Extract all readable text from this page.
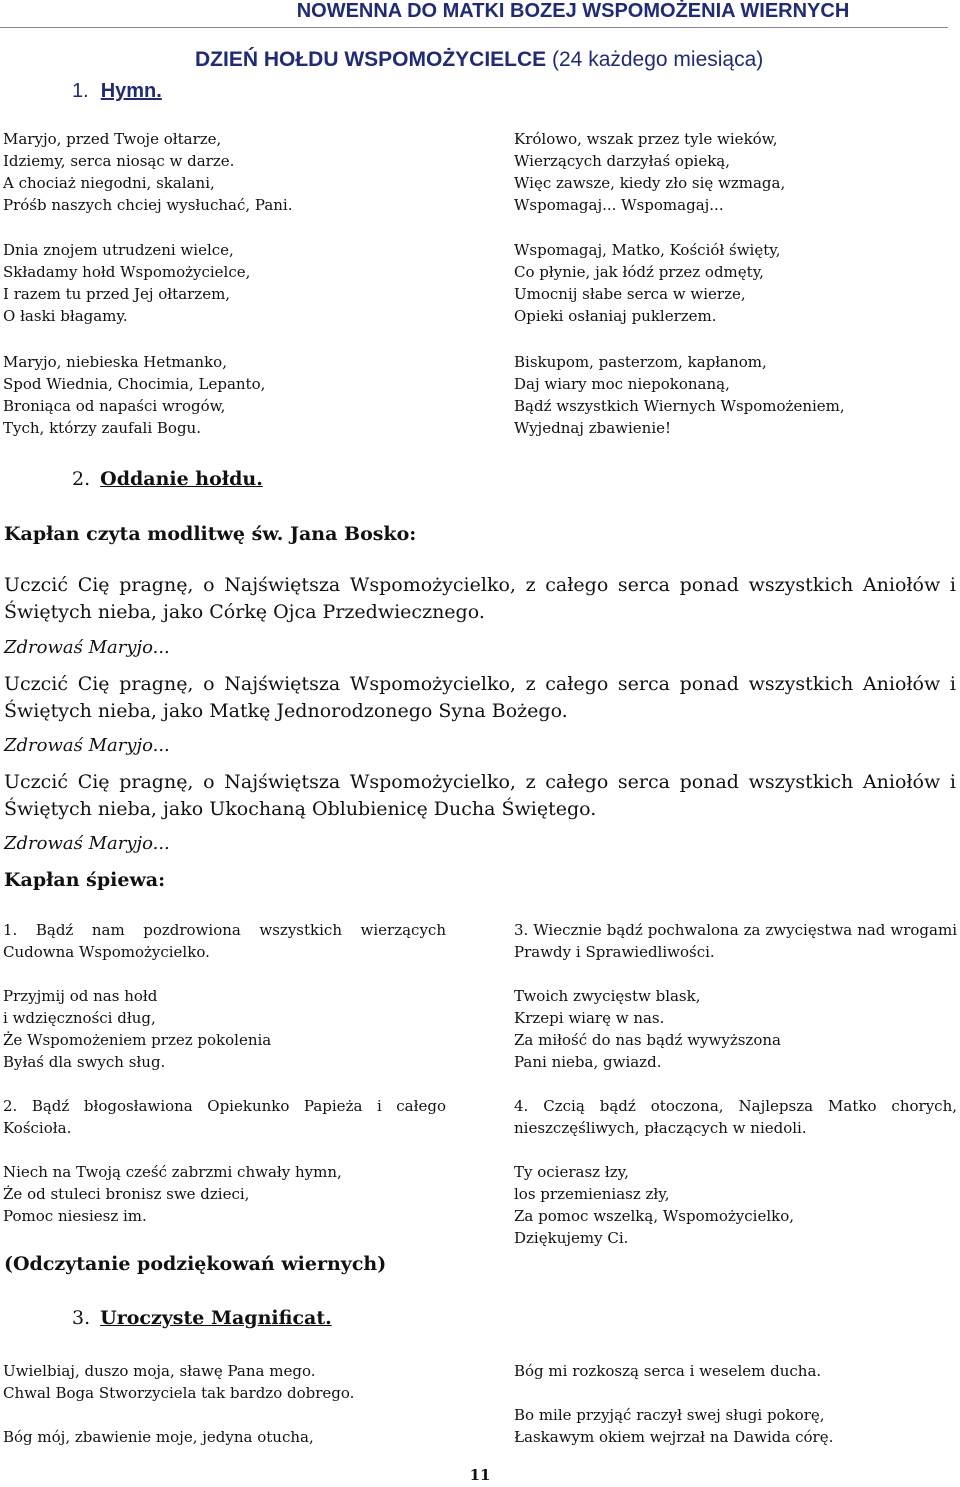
NOWENNA DO MATKI BOZEJ WSPOMOŻENIA WIERNYCH
DZIEŃ HOŁDU WSPOMOŻYCIELCE (24 każdego miesiąca)
1. Hymn.
Maryjo, przed Twoje ołtarze,
Idziemy, serca niosąc w darze.
A chociaż niegodni, skalani,
Próśb naszych chciej wysłuchać, Pani.
Dnia znojem utrudzeni wielce,
Składamy hołd Wspomożycielce,
I razem tu przed Jej ołtarzem,
O łaski błagamy.
Maryjo, niebieska Hetmanko,
Spod Wiednia, Chocimia, Lepanto,
Broniąca od napaści wrogów,
Tych, którzy zaufali Bogu.
Królowo, wszak przez tyle wieków,
Wierzących darzyłaś opieką,
Więc zawsze, kiedy zło się wzmaga,
Wspomagaj... Wspomagaj...
Wspomagaj, Matko, Kościół święty,
Co płynie, jak łódź przez odmęty,
Umocnij słabe serca w wierze,
Opieki osłaniaj puklerzem.
Biskupom, pasterzom, kapłanom,
Daj wiary moc niepokonaną,
Bądź wszystkich Wiernych Wspomożeniem,
Wyjednaj zbawienie!
2. Oddanie hołdu.
Kapłan czyta modlitwę św. Jana Bosko:
Uczcić Cię pragnę, o Najświętsza Wspomożycielko, z całego serca ponad wszystkich Aniołów i Świętych nieba, jako Córkę Ojca Przedwiecznego.
Zdrowaś Maryjo...
Uczcić Cię pragnę, o Najświętsza Wspomożycielko, z całego serca ponad wszystkich Aniołów i Świętych nieba, jako Matkę Jednorodzonego Syna Bożego.
Zdrowaś Maryjo...
Uczcić Cię pragnę, o Najświętsza Wspomożycielko, z całego serca ponad wszystkich Aniołów i Świętych nieba, jako Ukochaną Oblubienicę Ducha Świętego.
Zdrowaś Maryjo...
Kapłan śpiewa:

1. Bądź nam pozdrowiona wszystkich wierzących Cudowna Wspomożycielko.

Przyjmij od nas hołd
i wdzięczności dług,
Że Wspomożeniem przez pokolenia
Byłaś dla swych sług.

2. Bądź błogosławiona Opiekunko Papieża i całego Kościoła.

Niech na Twoją cześć zabrzmi chwały hymn,
Że od stuleci bronisz swe dzieci,
Pomoc niesiesz im.

3. Wiecznie bądź pochwalona za zwycięstwa nad wrogami Prawdy i Sprawiedliwości.

Twoich zwycięstw blask,
Krzepi wiarę w nas.
Za miłość do nas bądź wywyższona
Pani nieba, gwiazd.

4. Czcią bądź otoczona, Najlepsza Matko chorych, nieszczęśliwych, płaczących w niedoli.

Ty ocierasz łzy,
los przemieniasz zły,
Za pomoc wszelką, Wspomożycielko,
Dziękujemy Ci.

(Odczytanie podziękowań wiernych)
3. Uroczyste Magnificat.

Uwielbiaj, duszo moja, sławę Pana mego.
Chwal Boga Stworzyciela tak bardzo dobrego.

Bóg mój, zbawienie moje, jedyna otucha,

Bóg mi rozkoszą serca i weselem ducha.

Bo mile przyjąć raczył swej sługi pokorę,
Łaskawym okiem wejrzał na Dawida córę.

11
